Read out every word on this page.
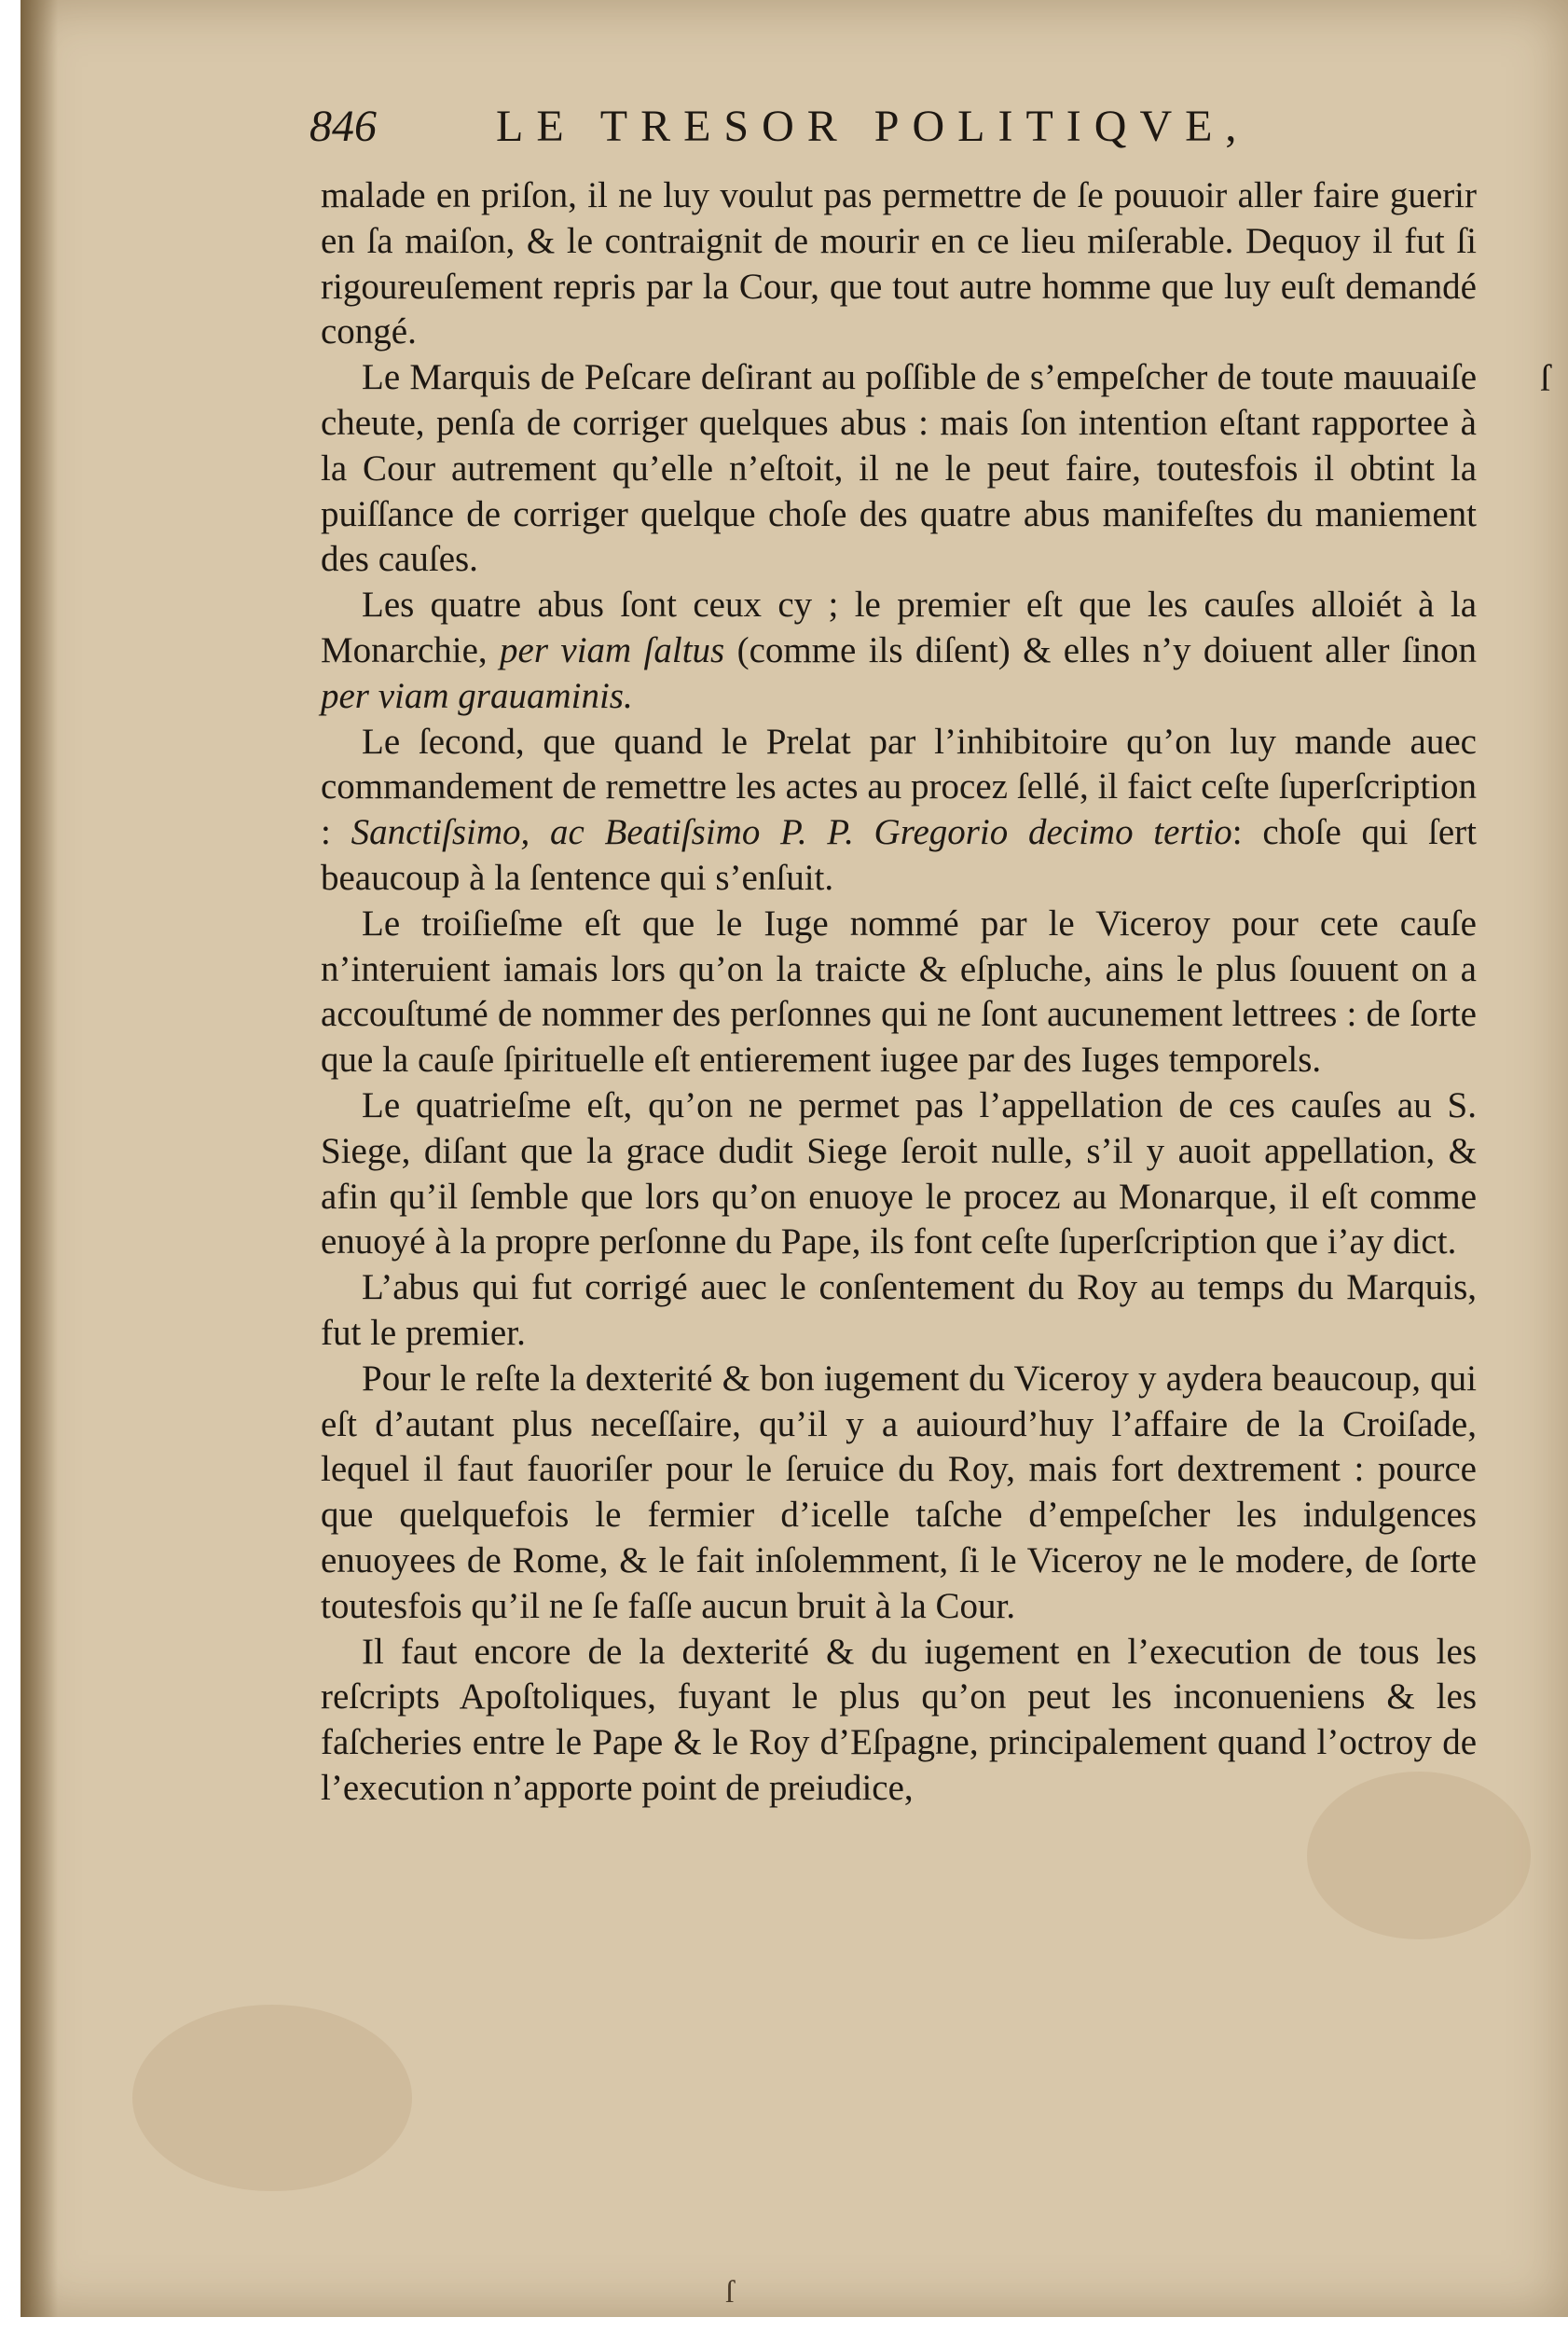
846	LE TRESOR POLITIQVE,

malade en priſon, il ne luy voulut pas permettre de ſe pouuoir aller faire guerir en ſa maiſon, & le contraignit de mourir en ce lieu miſerable. Dequoy il fut ſi rigoureuſement repris par la Cour, que tout autre homme que luy euſt demandé congé.

Le Marquis de Peſcare deſirant au poſſible de s’empeſcher de toute mauuaiſe cheute, penſa de corriger quelques abus : mais ſon intention eſtant rapportee à la Cour autrement qu’elle n’eſtoit, il ne le peut faire, toutesfois il obtint la puiſſance de corriger quelque choſe des quatre abus manifeſtes du maniement des cauſes.

Les quatre abus ſont ceux cy ; le premier eſt que les cauſes alloiét à la Monarchie, per viam ſaltus (comme ils diſent) & elles n’y doiuent aller ſinon per viam grauaminis.

Le ſecond, que quand le Prelat par l’inhibitoire qu’on luy mande auec commandement de remettre les actes au procez ſellé, il faict ceſte ſuperſcription : Sanctiſsimo, ac Beatiſsimo P. P. Gregorio decimo tertio: choſe qui ſert beaucoup à la ſentence qui s’enſuit.

Le troiſieſme eſt que le Iuge nommé par le Viceroy pour cete cauſe n’interuient iamais lors qu’on la traicte & eſpluche, ains le plus ſouuent on a accouſtumé de nommer des perſonnes qui ne ſont aucunement lettrees : de ſorte que la cauſe ſpirituelle eſt entierement iugee par des Iuges temporels.

Le quatrieſme eſt, qu’on ne permet pas l’appellation de ces cauſes au S. Siege, diſant que la grace dudit Siege ſeroit nulle, s’il y auoit appellation, & afin qu’il ſemble que lors qu’on enuoye le procez au Monarque, il eſt comme enuoyé à la propre perſonne du Pape, ils font ceſte ſuperſcription que i’ay dict.

L’abus qui fut corrigé auec le conſentement du Roy au temps du Marquis, fut le premier.

Pour le reſte la dexterité & bon iugement du Viceroy y aydera beaucoup, qui eſt d’autant plus neceſſaire, qu’il y a auiourd’huy l’affaire de la Croiſade, lequel il faut fauoriſer pour le ſeruice du Roy, mais fort dextrement : pource que quelquefois le fermier d’icelle taſche d’empeſcher les indulgences enuoyees de Rome, & le fait inſolemment, ſi le Viceroy ne le modere, de ſorte toutesfois qu’il ne ſe faſſe aucun bruit à la Cour.

Il faut encore de la dexterité & du iugement en l’execution de tous les reſcripts Apoſtoliques, fuyant le plus qu’on peut les inconueniens & les faſcheries entre le Pape & le Roy d’Eſpagne, principalement quand l’octroy de l’execution n’apporte point de preiudice,

ſ
ſ
